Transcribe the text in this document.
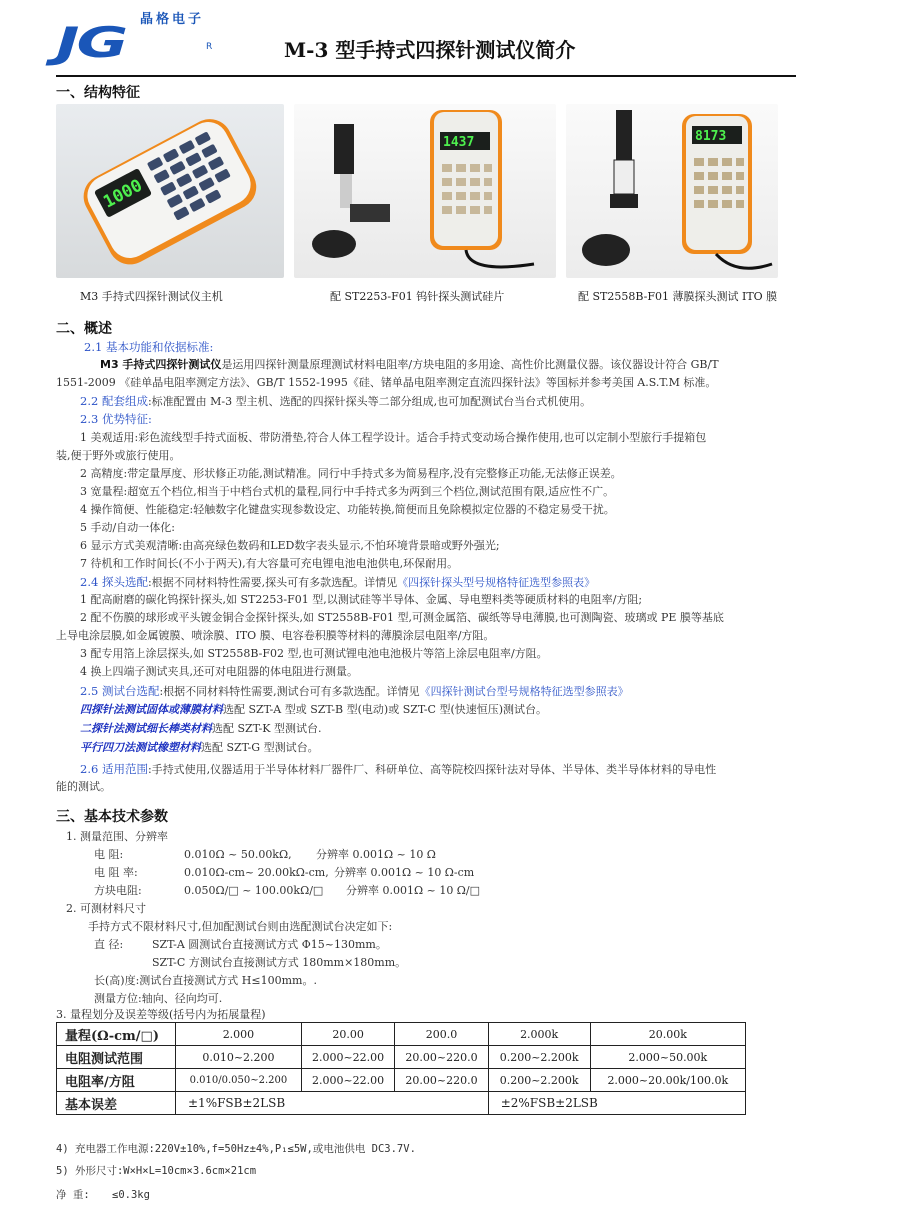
晶格电子
JG	R	M-3 型手持式四探针测试仪简介
一、结构特征
1000
1437	8173
M3 手持式四探针测试仪主机	配 ST2253-F01 钨针探头测试硅片	配 ST2558B-F01 薄膜探头测试 ITO 膜
二、概述
2.1 基本功能和依据标准:
M3 手持式四探针测试仪是运用四探针测量原理测试材料电阻率/方块电阻的多用途、高性价比测量仪器。该仪器设计符合 GB/T
1551-2009 《硅单晶电阻率测定方法》、GB/T 1552-1995《硅、锗单晶电阻率测定直流四探针法》等国标并参考美国 A.S.T.M 标准。
2.2 配套组成:标准配置由 M-3 型主机、选配的四探针探头等二部分组成,也可加配测试台当台式机使用。
2.3 优势特征:
1 美观适用:彩色流线型手持式面板、带防滑垫,符合人体工程学设计。适合手持式变动场合操作使用,也可以定制小型旅行手提箱包
装,便于野外或旅行使用。
2 高精度:带定量厚度、形状修正功能,测试精准。同行中手持式多为简易程序,没有完整修正功能,无法修正误差。
3 宽量程:超宽五个档位,相当于中档台式机的量程,同行中手持式多为两到三个档位,测试范围有限,适应性不广。
4 操作简便、性能稳定:轻触数字化键盘实现参数设定、功能转换,简便而且免除模拟定位器的不稳定易受干扰。
5 手动/自动一体化:
6 显示方式美观清晰:由高亮绿色数码和LED数字表头显示,不怕环境背景暗或野外强光;
7 待机和工作时间长(不小于两天),有大容量可充电锂电池电池供电,环保耐用。
2.4 探头选配:根据不同材料特性需要,探头可有多款选配。详情见《四探针探头型号规格特征选型参照表》
1 配高耐磨的碳化钨探针探头,如 ST2253-F01 型,以测试硅等半导体、金属、导电塑料类等硬质材料的电阻率/方阻;
2 配不伤膜的球形或平头镀金铜合金探针探头,如 ST2558B-F01 型,可测金属箔、碳纸等导电薄膜,也可测陶瓷、玻璃或 PE 膜等基底
上导电涂层膜,如金属镀膜、喷涂膜、ITO 膜、电容卷积膜等材料的薄膜涂层电阻率/方阻。
3 配专用箔上涂层探头,如 ST2558B-F02 型,也可测试锂电池电池极片等箔上涂层电阻率/方阻。
4 换上四端子测试夹具,还可对电阻器的体电阻进行测量。
2.5 测试台选配:根据不同材料特性需要,测试台可有多款选配。详情见《四探针测试台型号规格特征选型参照表》
四探针法测试固体或薄膜材料选配 SZT-A 型或 SZT-B 型(电动)或 SZT-C 型(快速恒压)测试台。
二探针法测试细长棒类材料选配 SZT-K 型测试台.
平行四刀法测试橡塑材料选配 SZT-G 型测试台。
2.6 适用范围:手持式使用,仪器适用于半导体材料厂器件厂、科研单位、高等院校四探针法对导体、半导体、类半导体材料的导电性
能的测试。
三、基本技术参数
1. 测量范围、分辨率
电 阻:	0.010Ω ~ 50.00kΩ, 分辨率 0.001Ω ~ 10 Ω
电 阻 率:	0.010Ω-cm~ 20.00kΩ-cm, 分辨率 0.001Ω ~ 10 Ω-cm
方块电阻:	0.050Ω/□ ~ 100.00kΩ/□ 分辨率 0.001Ω ~ 10 Ω/□
2. 可测材料尺寸
手持方式不限材料尺寸,但加配测试台则由选配测试台决定如下:
直 径:	SZT-A 圆测试台直接测试方式 Φ15~130mm。
SZT-C 方测试台直接测试方式 180mm×180mm。
长(高)度:测试台直接测试方式 H≤100mm。.
测量方位:轴向、径向均可.
3. 量程划分及误差等级(括号内为拓展量程)
量程(Ω-cm/□)	2.000	20.00	200.0	2.000k	20.00k
电阻测试范围	0.010~2.200	2.000~22.00	20.00~220.0	0.200~2.200k	2.000~50.00k
电阻率/方阻	0.010/0.050~2.200	2.000~22.00	20.00~220.0	0.200~2.200k	2.000~20.00k/100.0k
基本误差	±1%FSB±2LSB			±2%FSB±2LSB	
4) 充电器工作电源:220V±10%,f=50Hz±4%,P₁≤5W,或电池供电 DC3.7V.
5) 外形尺寸:W×H×L=10cm×3.6cm×21cm
净 重: ≤0.3kg
